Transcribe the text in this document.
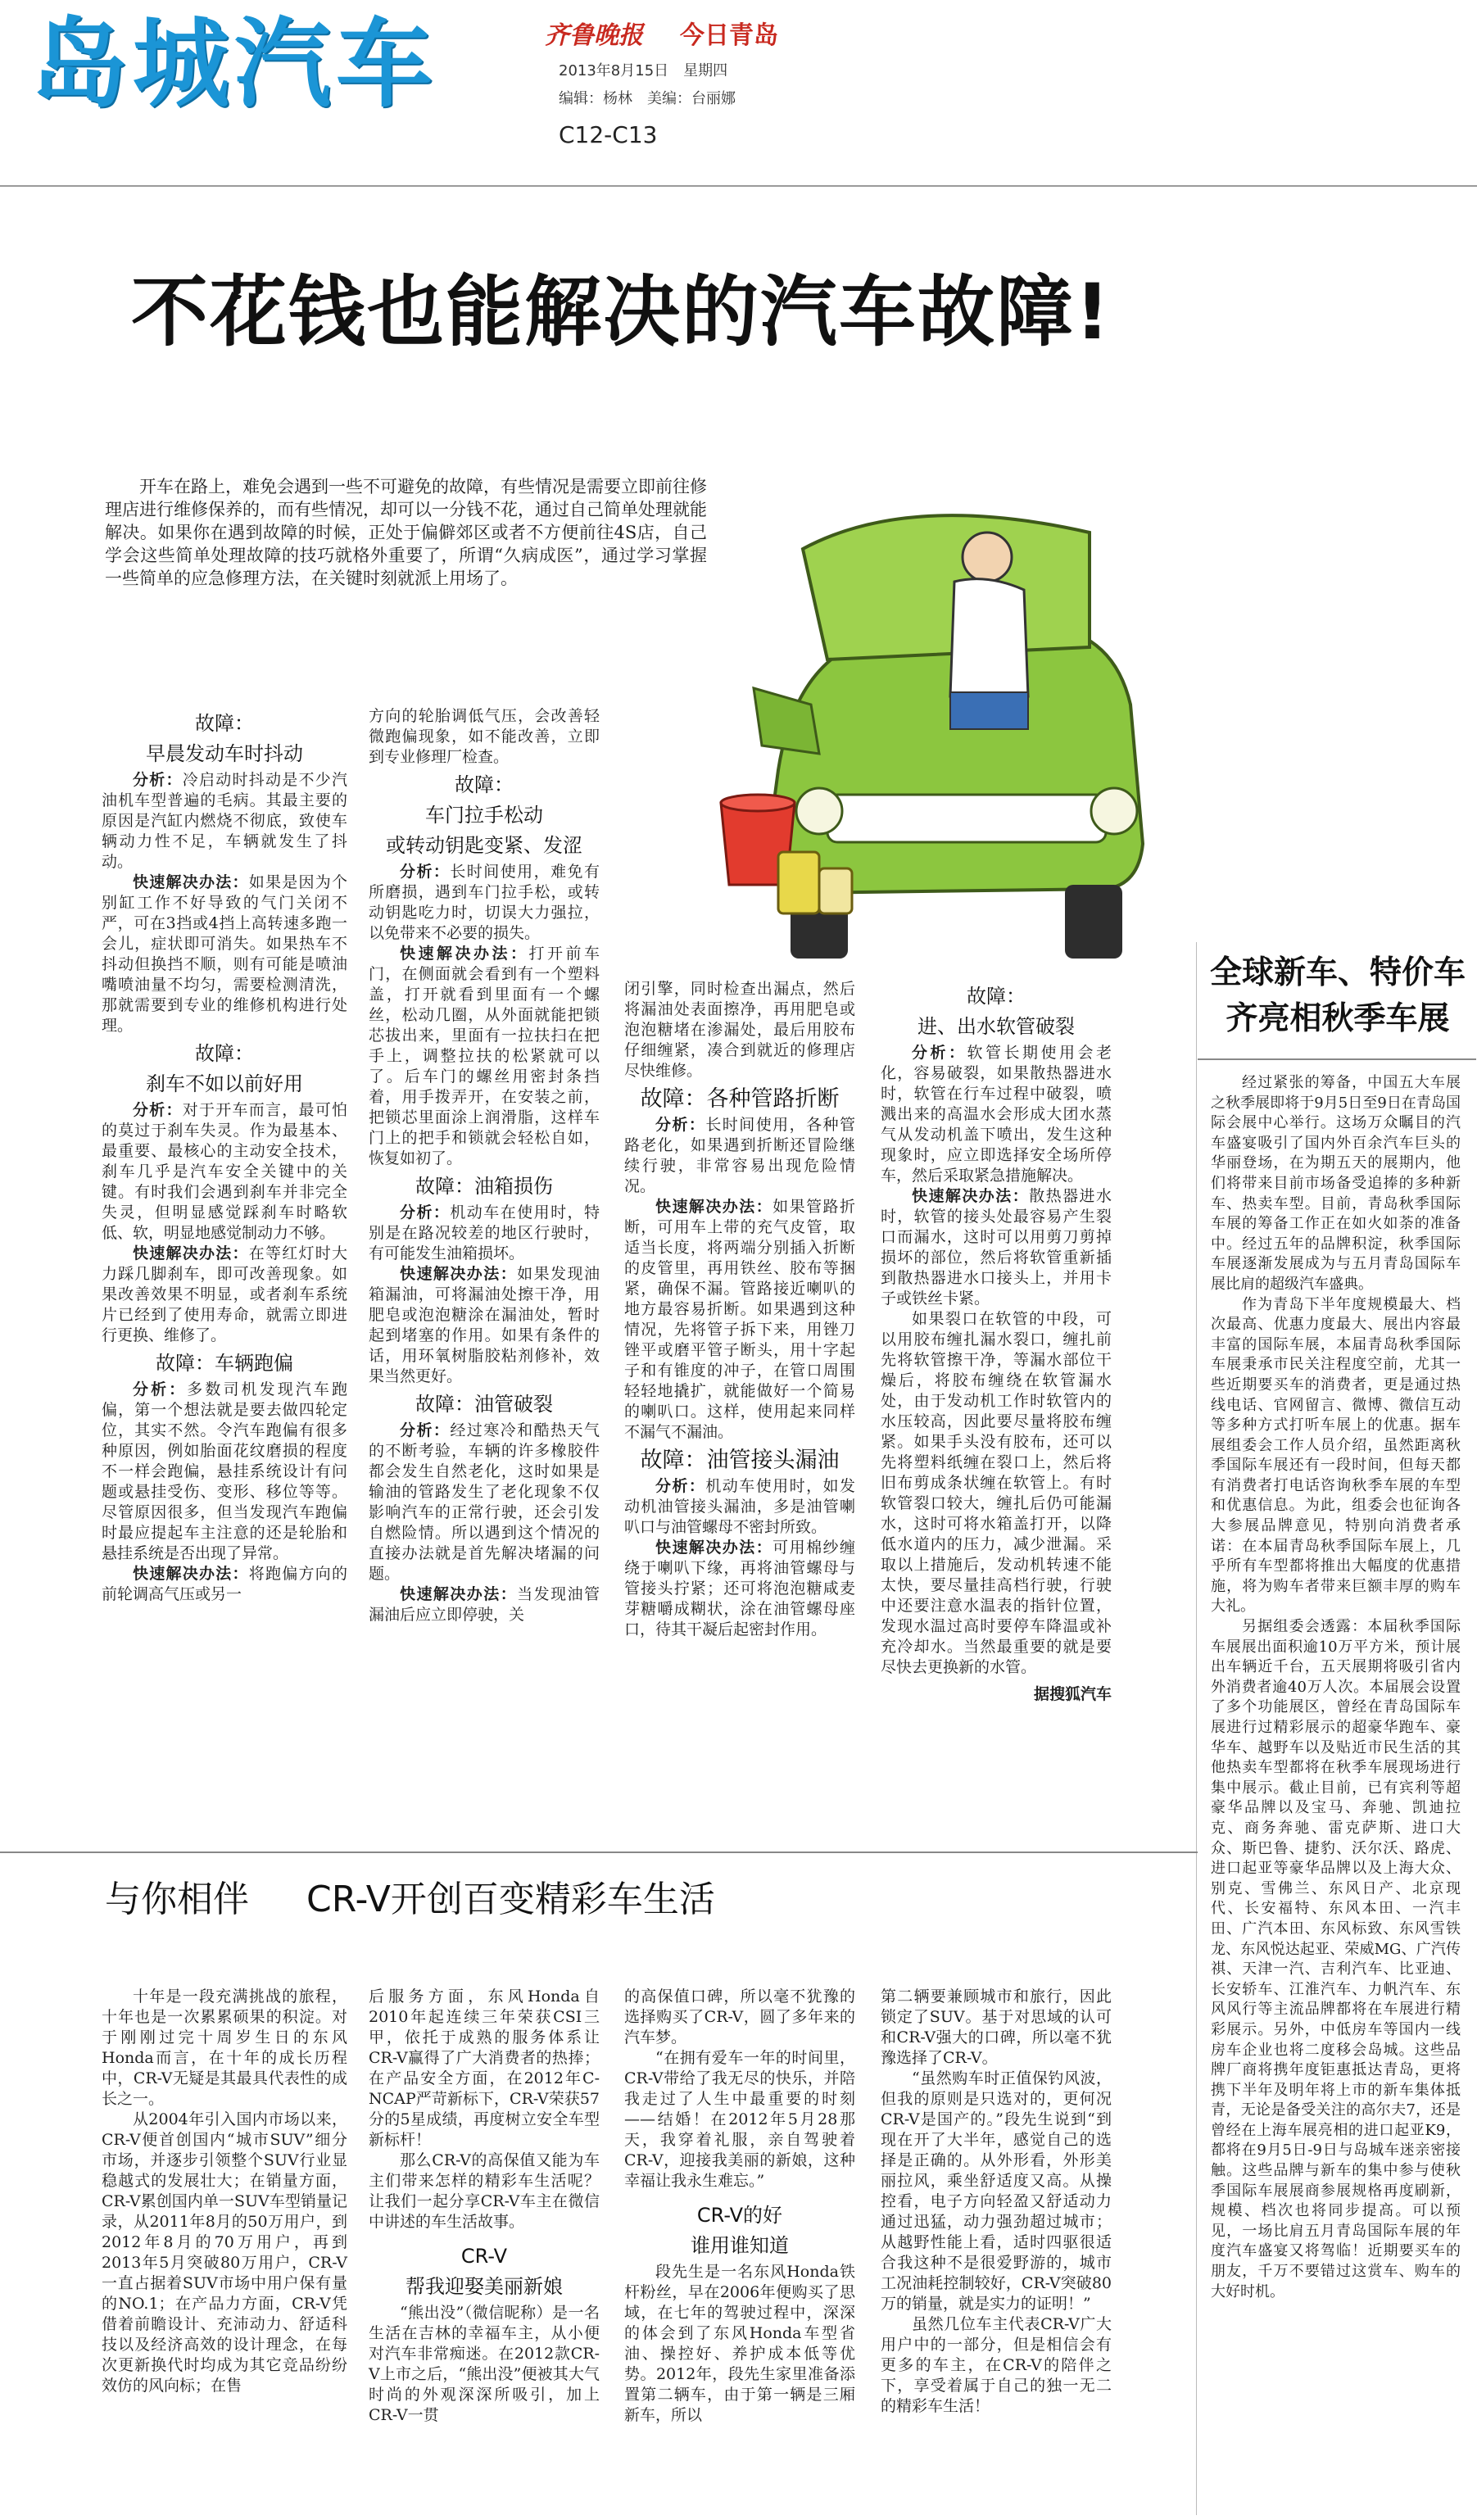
岛城汽车	齐鲁晚报 今日青岛
2013年8月15日　星期四
编辑：杨林　美编：台丽娜
C12-C13
不花钱也能解决的汽车故障!
开车在路上，难免会遇到一些不可避免的故障，有些情况是需要立即前往修理店进行维修保养的，而有些情况，却可以一分钱不花，通过自己简单处理就能解决。如果你在遇到故障的时候，正处于偏僻郊区或者不方便前往4S店，自己学会这些简单处理故障的技巧就格外重要了，所谓“久病成医”，通过学习掌握一些简单的应急修理方法，在关键时刻就派上用场了。
故障：
早晨发动车时抖动

分析：冷启动时抖动是不少汽油机车型普遍的毛病。其最主要的原因是汽缸内燃烧不彻底，致使车辆动力性不足，车辆就发生了抖动。

快速解决办法：如果是因为个别缸工作不好导致的气门关闭不严，可在3挡或4挡上高转速多跑一会儿，症状即可消失。如果热车不抖动但换挡不顺，则有可能是喷油嘴喷油量不均匀，需要检测清洗，那就需要到专业的维修机构进行处理。

故障：
刹车不如以前好用

分析：对于开车而言，最可怕的莫过于刹车失灵。作为最基本、最重要、最核心的主动安全技术，刹车几乎是汽车安全关键中的关键。有时我们会遇到刹车并非完全失灵，但明显感觉踩刹车时略软低、软，明显地感觉制动力不够。

快速解决办法：在等红灯时大力踩几脚刹车，即可改善现象。如果改善效果不明显，或者刹车系统片已经到了使用寿命，就需立即进行更换、维修了。

故障：车辆跑偏

分析：多数司机发现汽车跑偏，第一个想法就是要去做四轮定位，其实不然。令汽车跑偏有很多种原因，例如胎面花纹磨损的程度不一样会跑偏，悬挂系统设计有问题或悬挂受伤、变形、移位等等。尽管原因很多，但当发现汽车跑偏时最应提起车主注意的还是轮胎和悬挂系统是否出现了异常。

快速解决办法：将跑偏方向的前轮调高气压或另一

方向的轮胎调低气压，会改善轻微跑偏现象，如不能改善，立即到专业修理厂检查。

故障：
车门拉手松动
或转动钥匙变紧、发涩

分析：长时间使用，难免有所磨损，遇到车门拉手松，或转动钥匙吃力时，切误大力强拉，以免带来不必要的损失。

快速解决办法：打开前车门，在侧面就会看到有一个塑料盖，打开就看到里面有一个螺丝，松动几圈，从外面就能把锁芯拔出来，里面有一拉扶扫在把手上，调整拉扶的松紧就可以了。后车门的螺丝用密封条挡着，用手拨弄开，在安装之前，把锁芯里面涂上润滑脂，这样车门上的把手和锁就会轻松自如，恢复如初了。

故障：油箱损伤

分析：机动车在使用时，特别是在路况较差的地区行驶时，有可能发生油箱损坏。

快速解决办法：如果发现油箱漏油，可将漏油处擦干净，用肥皂或泡泡糖涂在漏油处，暂时起到堵塞的作用。如果有条件的话，用环氧树脂胶粘剂修补，效果当然更好。

故障：油管破裂

分析：经过寒冷和酷热天气的不断考验，车辆的许多橡胶件都会发生自然老化，这时如果是输油的管路发生了老化现象不仅影响汽车的正常行驶，还会引发自燃险情。所以遇到这个情况的直接办法就是首先解决堵漏的问题。

快速解决办法：当发现油管漏油后应立即停驶，关

闭引擎，同时检查出漏点，然后将漏油处表面擦净，再用肥皂或泡泡糖堵在渗漏处，最后用胶布仔细缠紧，凑合到就近的修理店尽快维修。

故障：各种管路折断

分析：长时间使用，各种管路老化，如果遇到折断还冒险继续行驶，非常容易出现危险情况。

快速解决办法：如果管路折断，可用车上带的充气皮管，取适当长度，将两端分别插入折断的皮管里，再用铁丝、胶布等捆紧，确保不漏。管路接近喇叭的地方最容易折断。如果遇到这种情况，先将管子拆下来，用锉刀锉平或磨平管子断头，用十字起子和有锥度的冲子，在管口周围轻轻地撬扩，就能做好一个简易的喇叭口。这样，使用起来同样不漏气不漏油。

故障：油管接头漏油

分析：机动车使用时，如发动机油管接头漏油，多是油管喇叭口与油管螺母不密封所致。

快速解决办法：可用棉纱缠绕于喇叭下缘，再将油管螺母与管接头拧紧；还可将泡泡糖咸麦芽糖嚼成糊状，涂在油管螺母座口，待其干凝后起密封作用。

故障：
进、出水软管破裂

分析：软管长期使用会老化，容易破裂，如果散热器进水时，软管在行车过程中破裂，喷溅出来的高温水会形成大团水蒸气从发动机盖下喷出，发生这种现象时，应立即选择安全场所停车，然后采取紧急措施解决。

快速解决办法：散热器进水时，软管的接头处最容易产生裂口而漏水，这时可以用剪刀剪掉损坏的部位，然后将软管重新插到散热器进水口接头上，并用卡子或铁丝卡紧。

如果裂口在软管的中段，可以用胶布缠扎漏水裂口，缠扎前先将软管擦干净，等漏水部位干燥后，将胶布缠绕在软管漏水处，由于发动机工作时软管内的水压较高，因此要尽量将胶布缠紧。如果手头没有胶布，还可以先将塑料纸缠在裂口上，然后将旧布剪成条状缠在软管上。有时软管裂口较大，缠扎后仍可能漏水，这时可将水箱盖打开，以降低水道内的压力，减少泄漏。采取以上措施后，发动机转速不能太快，要尽量挂高档行驶，行驶中还要注意水温表的指针位置，发现水温过高时要停车降温或补充冷却水。当然最重要的就是要尽快去更换新的水管。

据搜狐汽车
全球新车、特价车
齐亮相秋季车展

经过紧张的筹备，中国五大车展之秋季展即将于9月5日至9日在青岛国际会展中心举行。这场万众瞩目的汽车盛宴吸引了国内外百余汽车巨头的华丽登场，在为期五天的展期内，他们将带来目前市场备受追捧的多种新车、热卖车型。目前，青岛秋季国际车展的筹备工作正在如火如荼的准备中。经过五年的品牌积淀，秋季国际车展逐渐发展成为与五月青岛国际车展比肩的超级汽车盛典。

作为青岛下半年度规模最大、档次最高、优惠力度最大、展出内容最丰富的国际车展，本届青岛秋季国际车展秉承市民关注程度空前，尤其一些近期要买车的消费者，更是通过热线电话、官网留言、微博、微信互动等多种方式打听车展上的优惠。据车展组委会工作人员介绍，虽然距离秋季国际车展还有一段时间，但每天都有消费者打电话咨询秋季车展的车型和优惠信息。为此，组委会也征询各大参展品牌意见，特别向消费者承诺：在本届青岛秋季国际车展上，几乎所有车型都将推出大幅度的优惠措施，将为购车者带来巨额丰厚的购车大礼。

另据组委会透露：本届秋季国际车展展出面积逾10万平方米，预计展出车辆近千台，五天展期将吸引省内外消费者逾40万人次。本届展会设置了多个功能展区，曾经在青岛国际车展进行过精彩展示的超豪华跑车、豪华车、越野车以及贴近市民生活的其他热卖车型都将在秋季车展现场进行集中展示。截止目前，已有宾利等超豪华品牌以及宝马、奔驰、凯迪拉克、商务奔驰、雷克萨斯、进口大众、斯巴鲁、捷豹、沃尔沃、路虎、进口起亚等豪华品牌以及上海大众、别克、雪佛兰、东风日产、北京现代、长安福特、东风本田、一汽丰田、广汽本田、东风标致、东风雪铁龙、东风悦达起亚、荣威MG、广汽传祺、天津一汽、吉利汽车、比亚迪、长安轿车、江淮汽车、力帆汽车、东风风行等主流品牌都将在车展进行精彩展示。另外，中低房车等国内一线房车企业也将二度移会岛城。这些品牌厂商将携年度钜惠抵达青岛，更将携下半年及明年将上市的新车集体抵青，无论是备受关注的高尔夫7，还是曾经在上海车展亮相的进口起亚K9，都将在9月5日-9日与岛城车迷亲密接触。这些品牌与新车的集中参与使秋季国际车展展商参展规格再度刷新，规模、档次也将同步提高。可以预见，一场比肩五月青岛国际车展的年度汽车盛宴又将驾临！近期要买车的朋友，千万不要错过这赏车、购车的大好时机。

与你相伴 CR-V开创百变精彩车生活

十年是一段充满挑战的旅程，十年也是一次累累硕果的积淀。对于刚刚过完十周岁生日的东风Honda而言，在十年的成长历程中，CR-V无疑是其最具代表性的成长之一。

从2004年引入国内市场以来，CR-V便首创国内“城市SUV”细分市场，并逐步引领整个SUV行业显稳越式的发展壮大；在销量方面，CR-V累创国内单一SUV车型销量记录，从2011年8月的50万用户，到2012年8月的70万用户，再到2013年5月突破80万用户，CR-V一直占据着SUV市场中用户保有量的NO.1；在产品力方面，CR-V凭借着前瞻设计、充沛动力、舒适科技以及经济高效的设计理念，在每次更新换代时均成为其它竞品纷纷效仿的风向标；在售

后服务方面，东风Honda自2010年起连续三年荣获CSI三甲，依托于成熟的服务体系让CR-V赢得了广大消费者的热捧；在产品安全方面，在2012年C-NCAP严苛新标下，CR-V荣获57分的5星成绩，再度树立安全车型新标杆！

那么CR-V的高保值又能为车主们带来怎样的精彩车生活呢？让我们一起分享CR-V车主在微信中讲述的车生活故事。

CR-V
帮我迎娶美丽新娘

“熊出没”（微信昵称）是一名生活在吉林的幸福车主，从小便对汽车非常痴迷。在2012款CR-V上市之后，“熊出没”便被其大气时尚的外观深深所吸引，加上CR-V一贯

的高保值口碑，所以毫不犹豫的选择购买了CR-V，圆了多年来的汽车梦。

“在拥有爱车一年的时间里，CR-V带给了我无尽的快乐，并陪我走过了人生中最重要的时刻——结婚！在2012年5月28那天，我穿着礼服，亲自驾驶着CR-V，迎接我美丽的新娘，这种幸福让我永生难忘。”

CR-V的好
谁用谁知道

段先生是一名东风Honda铁杆粉丝，早在2006年便购买了思域，在七年的驾驶过程中，深深的体会到了东风Honda车型省油、操控好、养护成本低等优势。2012年，段先生家里准备添置第二辆车，由于第一辆是三厢新车，所以

第二辆要兼顾城市和旅行，因此锁定了SUV。基于对思域的认可和CR-V强大的口碑，所以毫不犹豫选择了CR-V。

“虽然购车时正值保钓风波，但我的原则是只选对的，更何况CR-V是国产的。”段先生说到“到现在开了大半年，感觉自己的选择是正确的。从外形看，外形美丽拉风，乘坐舒适度又高。从操控看，电子方向轻盈又舒适动力通过迅猛，动力强劲超过城市；从越野性能上看，适时四驱很适合我这种不是很爱野游的，城市工况油耗控制较好，CR-V突破80万的销量，就是实力的证明！”

虽然几位车主代表CR-V广大用户中的一部分，但是相信会有更多的车主，在CR-V的陪伴之下，享受着属于自己的独一无二的精彩车生活！
